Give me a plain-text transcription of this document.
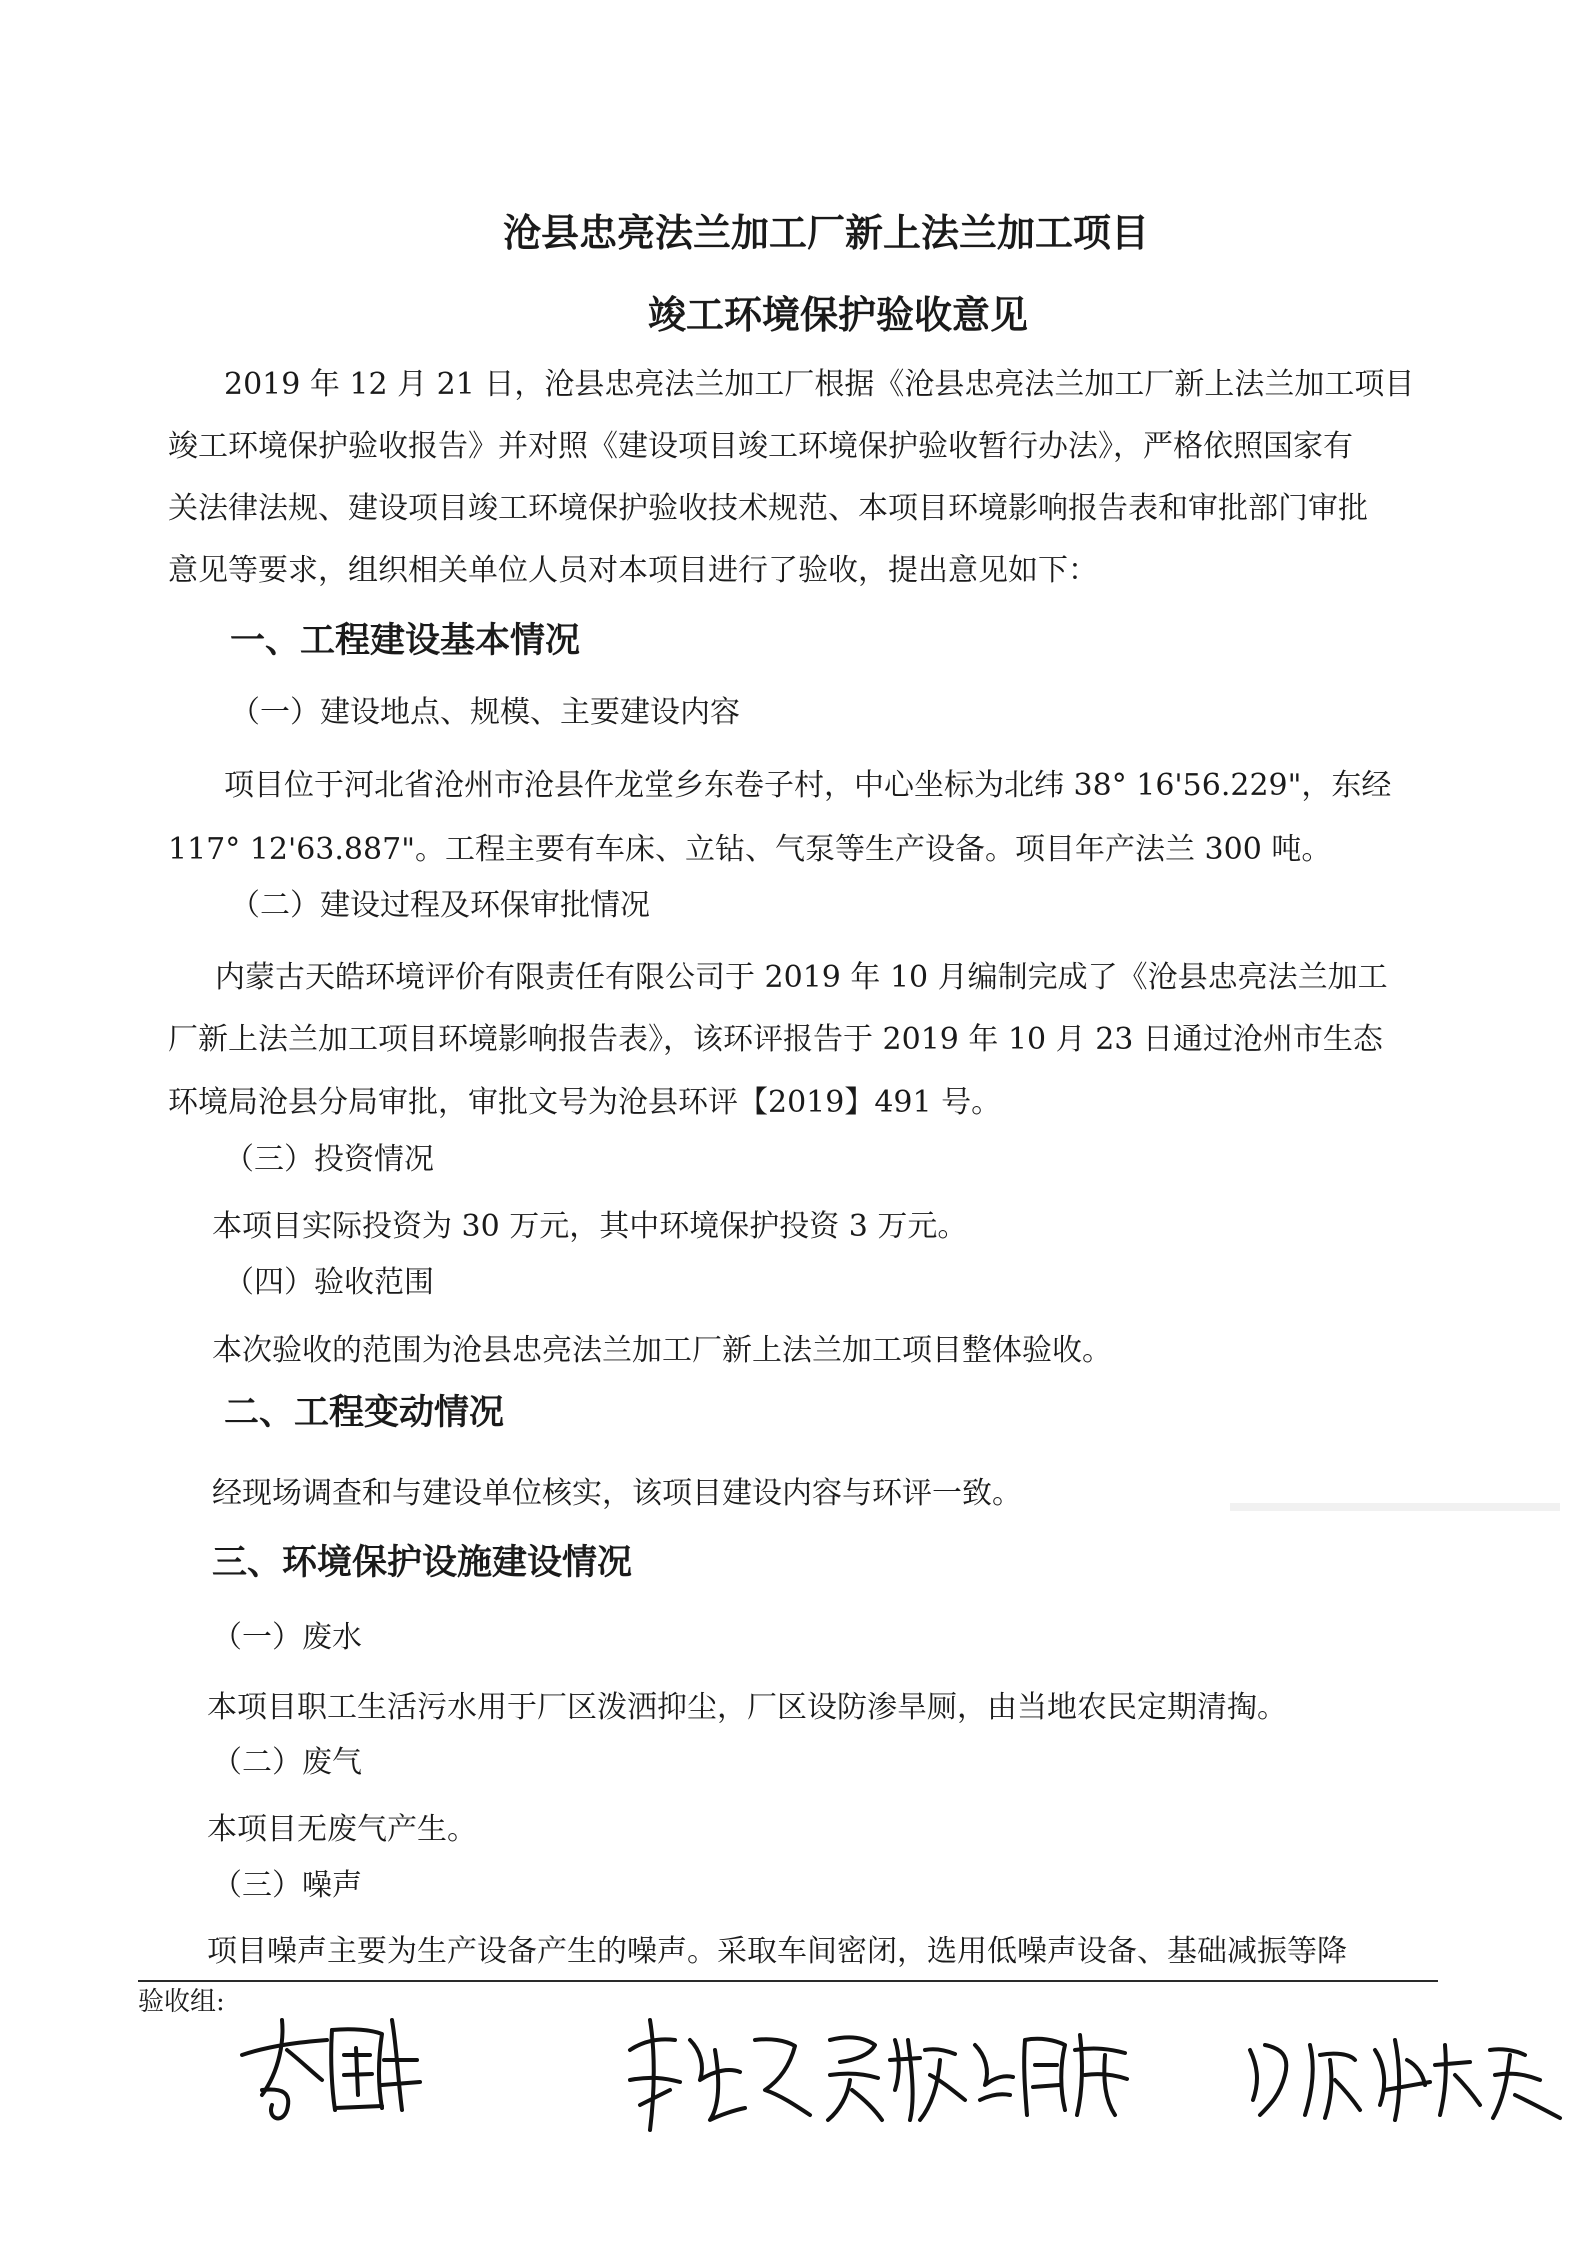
沧县忠亮法兰加工厂新上法兰加工项目
竣工环境保护验收意见
2019 年 12 月 21 日，沧县忠亮法兰加工厂根据《沧县忠亮法兰加工厂新上法兰加工项目
竣工环境保护验收报告》并对照《建设项目竣工环境保护验收暂行办法》，严格依照国家有
关法律法规、建设项目竣工环境保护验收技术规范、本项目环境影响报告表和审批部门审批
意见等要求，组织相关单位人员对本项目进行了验收，提出意见如下：
一、工程建设基本情况
（一）建设地点、规模、主要建设内容
项目位于河北省沧州市沧县仵龙堂乡东卷子村，中心坐标为北纬 38° 16'56.229"，东经
117° 12'63.887"。工程主要有车床、立钻、气泵等生产设备。项目年产法兰 300 吨。
（二）建设过程及环保审批情况
内蒙古天皓环境评价有限责任有限公司于 2019 年 10 月编制完成了《沧县忠亮法兰加工
厂新上法兰加工项目环境影响报告表》，该环评报告于 2019 年 10 月 23 日通过沧州市生态
环境局沧县分局审批，审批文号为沧县环评【2019】491 号。
（三）投资情况
本项目实际投资为 30 万元，其中环境保护投资 3 万元。
（四）验收范围
本次验收的范围为沧县忠亮法兰加工厂新上法兰加工项目整体验收。
二、工程变动情况
经现场调查和与建设单位核实，该项目建设内容与环评一致。
三、环境保护设施建设情况
（一）废水
本项目职工生活污水用于厂区泼洒抑尘，厂区设防渗旱厕，由当地农民定期清掏。
（二）废气
本项目无废气产生。
（三）噪声
项目噪声主要为生产设备产生的噪声。采取车间密闭，选用低噪声设备、基础减振等降
验收组:
